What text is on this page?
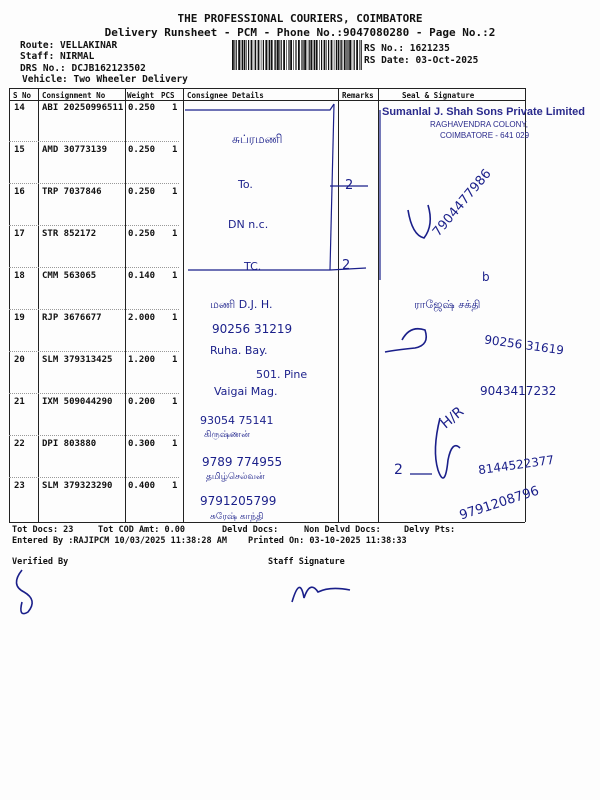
THE PROFESSIONAL COURIERS, COIMBATORE
Delivery Runsheet - PCM - Phone No.:9047080280 - Page No.:2
Route: VELLAKINAR
Staff: NIRMAL
DRS No.: DCJB162123502
Vehicle: Two Wheeler Delivery
RS No.: 1621235
RS Date: 03-Oct-2025
S No Consignment No	Weight PCS Consignee Details	Remarks	Seal & Signature
14 ABI 20250996511 0.250 1
15 AMD 30773139 0.250 1
16 TRP 7037846	0.250 1
17 STR 852172	0.250 1
18 CMM 563065	0.140 1
19 RJP 3676677	2.000 1
20 SLM 379313425 1.200 1
21 IXM 509044290 0.200 1
22 DPI 803880	0.300 1
23 SLM 379323290 0.400 1
சுப்ரமணி
To.	2
DN n.c.
TC.	2
மணி D.J. H.
90256 31219
Ruha. Bay.
501. Pine
Vaigai Mag.
93054 75141
கிருஷ்ணன்
9789 774955
தமிழ்செல்வன்
9791205799
சுரேஷ் காந்தி
Sumanlal J. Shah Sons Private Limited
RAGHAVENDRA COLONY,
COIMBATORE - 641 029
7904477986
b
ராஜேஷ் சக்தி
90256 31619
9043417232
H/R
2	8144522377
9791208796
Tot Docs: 23	Tot COD Amt: 0.00	Delvd Docs:	Non Delvd Docs:	Delvy Pts:
Entered By :RAJIPCM 10/03/2025 11:38:28 AM Printed On: 03-10-2025 11:38:33
Verified By	Staff Signature
